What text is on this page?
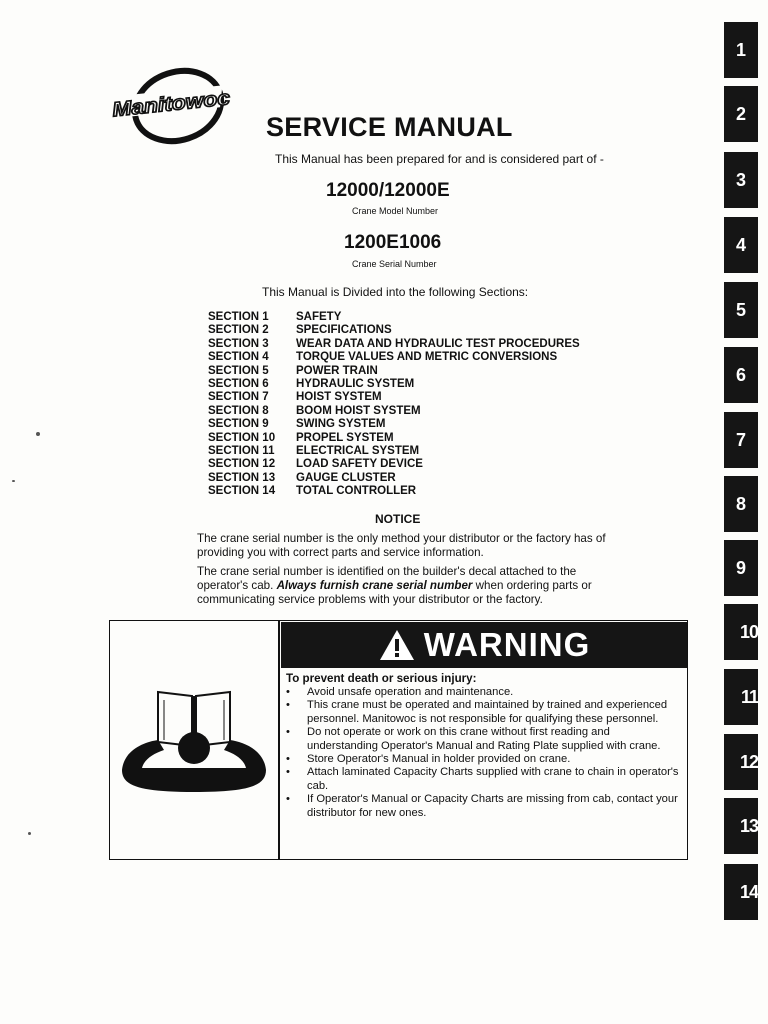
Manitowoc
SERVICE MANUAL
This Manual has been prepared for and is considered part of -
12000/12000E
Crane Model Number
1200E1006
Crane Serial Number
This Manual is Divided into the following Sections:
SECTION 1 SAFETY
SECTION 2 SPECIFICATIONS
SECTION 3 WEAR DATA AND HYDRAULIC TEST PROCEDURES
SECTION 4 TORQUE VALUES AND METRIC CONVERSIONS
SECTION 5 POWER TRAIN
SECTION 6 HYDRAULIC SYSTEM
SECTION 7 HOIST SYSTEM
SECTION 8 BOOM HOIST SYSTEM
SECTION 9 SWING SYSTEM
SECTION 10 PROPEL SYSTEM
SECTION 11 ELECTRICAL SYSTEM
SECTION 12 LOAD SAFETY DEVICE
SECTION 13 GAUGE CLUSTER
SECTION 14 TOTAL CONTROLLER
NOTICE
The crane serial number is the only method your distributor or the factory has of providing you with correct parts and service information.
The crane serial number is identified on the builder's decal attached to the operator's cab. Always furnish crane serial number when ordering parts or communicating service problems with your distributor or the factory.
WARNING
To prevent death or serious injury:
• Avoid unsafe operation and maintenance.
• This crane must be operated and maintained by trained and experienced personnel. Manitowoc is not responsible for qualifying these personnel.
• Do not operate or work on this crane without first reading and understanding Operator's Manual and Rating Plate supplied with crane.
• Store Operator's Manual in holder provided on crane.
• Attach laminated Capacity Charts supplied with crane to chain in operator's cab.
• If Operator's Manual or Capacity Charts are missing from cab, contact your distributor for new ones.
1
2
3
4
5
6
7
8
9
10
11
12
13
14
